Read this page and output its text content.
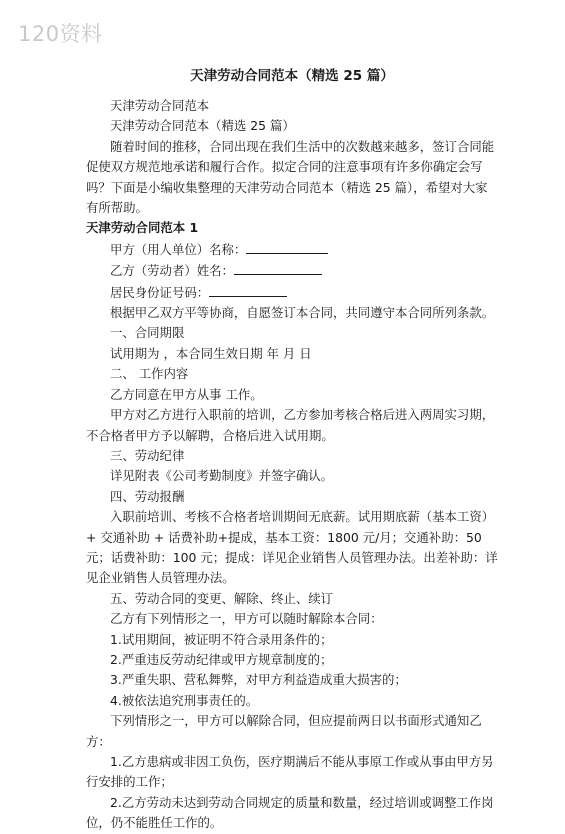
120资料
天津劳动合同范本（精选 25 篇）

天津劳动合同范本

天津劳动合同范本（精选 25 篇）

随着时间的推移，合同出现在我们生活中的次数越来越多，签订合同能促使双方规范地承诺和履行合作。拟定合同的注意事项有许多你确定会写吗？下面是小编收集整理的天津劳动合同范本（精选 25 篇），希望对大家有所帮助。

天津劳动合同范本 1

甲方（用人单位）名称：

乙方（劳动者）姓名：

居民身份证号码：

根据甲乙双方平等协商，自愿签订本合同，共同遵守本合同所列条款。

一、合同期限

试用期为 ，本合同生效日期 年 月 日

二、 工作内容

乙方同意在甲方从事 工作。

甲方对乙方进行入职前的培训，乙方参加考核合格后进入两周实习期，不合格者甲方予以解聘，合格后进入试用期。

三、劳动纪律

详见附表《公司考勤制度》并签字确认。

四、劳动报酬

入职前培训、考核不合格者培训期间无底薪。试用期底薪（基本工资）+ 交通补助 + 话费补助+提成，基本工资：1800 元/月；交通补助：50 元；话费补助：100 元；提成：详见企业销售人员管理办法。出差补助：详见企业销售人员管理办法。

五、劳动合同的变更、解除、终止、续订

乙方有下列情形之一，甲方可以随时解除本合同：

1.试用期间，被证明不符合录用条件的；

2.严重违反劳动纪律或甲方规章制度的；

3.严重失职、营私舞弊，对甲方利益造成重大损害的；

4.被依法追究刑事责任的。

下列情形之一，甲方可以解除合同，但应提前两日以书面形式通知乙方：

1.乙方患病或非因工负伤，医疗期满后不能从事原工作或从事由甲方另行安排的工作；

2.乙方劳动未达到劳动合同规定的质量和数量，经过培训或调整工作岗位，仍不能胜任工作的。
